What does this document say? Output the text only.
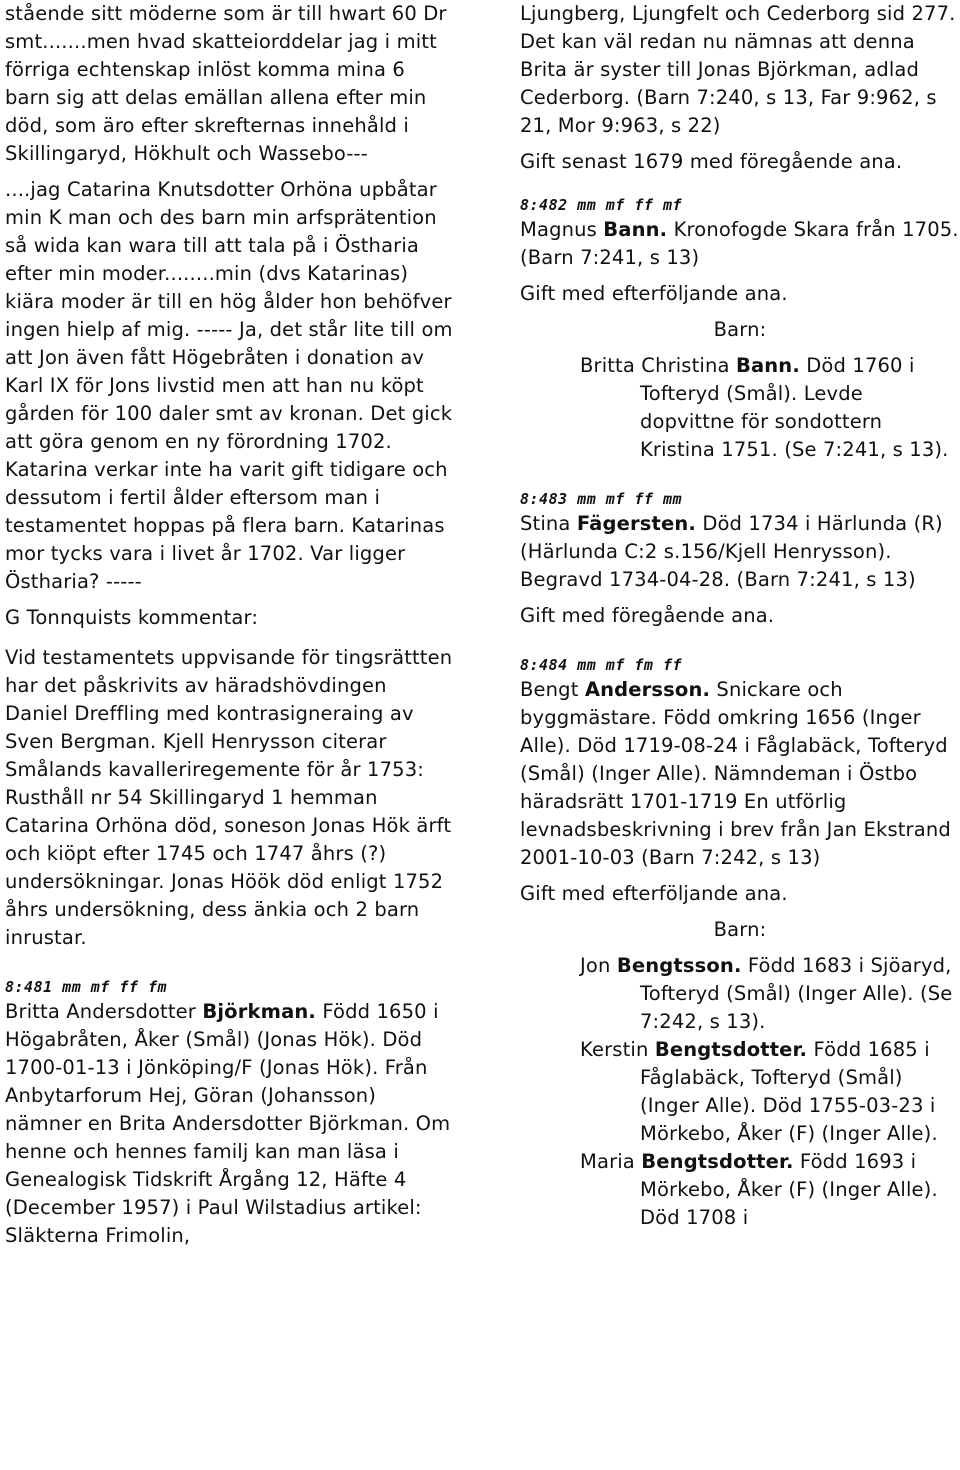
stående sitt möderne som är till hwart 60 Dr smt.......men hvad skatteiorddelar jag i mitt förriga echtenskap inlöst komma mina 6 barn sig att delas emällan allena efter min död, som äro efter skrefternas innehåld i Skillingaryd, Hökhult och Wassebo---

....jag Catarina Knutsdotter Orhöna upbåtar min K man och des barn min arfsprätention så wida kan wara till att tala på i Östharia efter min moder........min (dvs Katarinas) kiära moder är till en hög ålder hon behöfver ingen hielp af mig. ----- Ja, det står lite till om att Jon även fått Högebråten i donation av Karl IX för Jons livstid men att han nu köpt gården för 100 daler smt av kronan. Det gick att göra genom en ny förordning 1702. Katarina verkar inte ha varit gift tidigare och dessutom i fertil ålder eftersom man i testamentet hoppas på flera barn. Katarinas mor tycks vara i livet år 1702. Var ligger Östharia? -----

G Tonnquists kommentar:

Vid testamentets uppvisande för tingsrättten har det påskrivits av häradshövdingen Daniel Dreffling med kontrasigneraing av Sven Bergman. Kjell Henrysson citerar Smålands kavalleriregemente för år 1753: Rusthåll nr 54 Skillingaryd 1 hemman Catarina Orhöna död, soneson Jonas Hök ärft och kiöpt efter 1745 och 1747 åhrs (?) undersökningar. Jonas Höök död enligt 1752 åhrs undersökning, dess änkia och 2 barn inrustar.

8:481 mm mf ff fm

Britta Andersdotter Björkman. Född 1650 i Högabråten, Åker (Smål) (Jonas Hök). Död 1700-01-13 i Jönköping/F (Jonas Hök). Från Anbytarforum Hej, Göran (Johansson) nämner en Brita Andersdotter Björkman. Om henne och hennes familj kan man läsa i Genealogisk Tidskrift Årgång 12, Häfte 4 (December 1957) i Paul Wilstadius artikel: Släkterna Frimolin,

Ljungberg, Ljungfelt och Cederborg sid 277. Det kan väl redan nu nämnas att denna Brita är syster till Jonas Björkman, adlad Cederborg. (Barn 7:240, s 13, Far 9:962, s 21, Mor 9:963, s 22)

Gift senast 1679 med föregående ana.

8:482 mm mf ff mf

Magnus Bann. Kronofogde Skara från 1705. (Barn 7:241, s 13)

Gift med efterföljande ana.

Barn:

Britta Christina Bann. Död 1760 i Tofteryd (Smål). Levde dopvittne för sondottern Kristina 1751. (Se 7:241, s 13).

8:483 mm mf ff mm

Stina Fägersten. Död 1734 i Härlunda (R) (Härlunda C:2 s.156/Kjell Henrysson). Begravd 1734-04-28. (Barn 7:241, s 13)

Gift med föregående ana.

8:484 mm mf fm ff

Bengt Andersson. Snickare och byggmästare. Född omkring 1656 (Inger Alle). Död 1719-08-24 i Fåglabäck, Tofteryd (Smål) (Inger Alle). Nämndeman i Östbo häradsrätt 1701-1719 En utförlig levnadsbeskrivning i brev från Jan Ekstrand 2001-10-03 (Barn 7:242, s 13)

Gift med efterföljande ana.

Barn:

Jon Bengtsson. Född 1683 i Sjöaryd, Tofteryd (Smål) (Inger Alle). (Se 7:242, s 13).

Kerstin Bengtsdotter. Född 1685 i Fåglabäck, Tofteryd (Smål) (Inger Alle). Död 1755-03-23 i Mörkebo, Åker (F) (Inger Alle).

Maria Bengtsdotter. Född 1693 i Mörkebo, Åker (F) (Inger Alle). Död 1708 i
